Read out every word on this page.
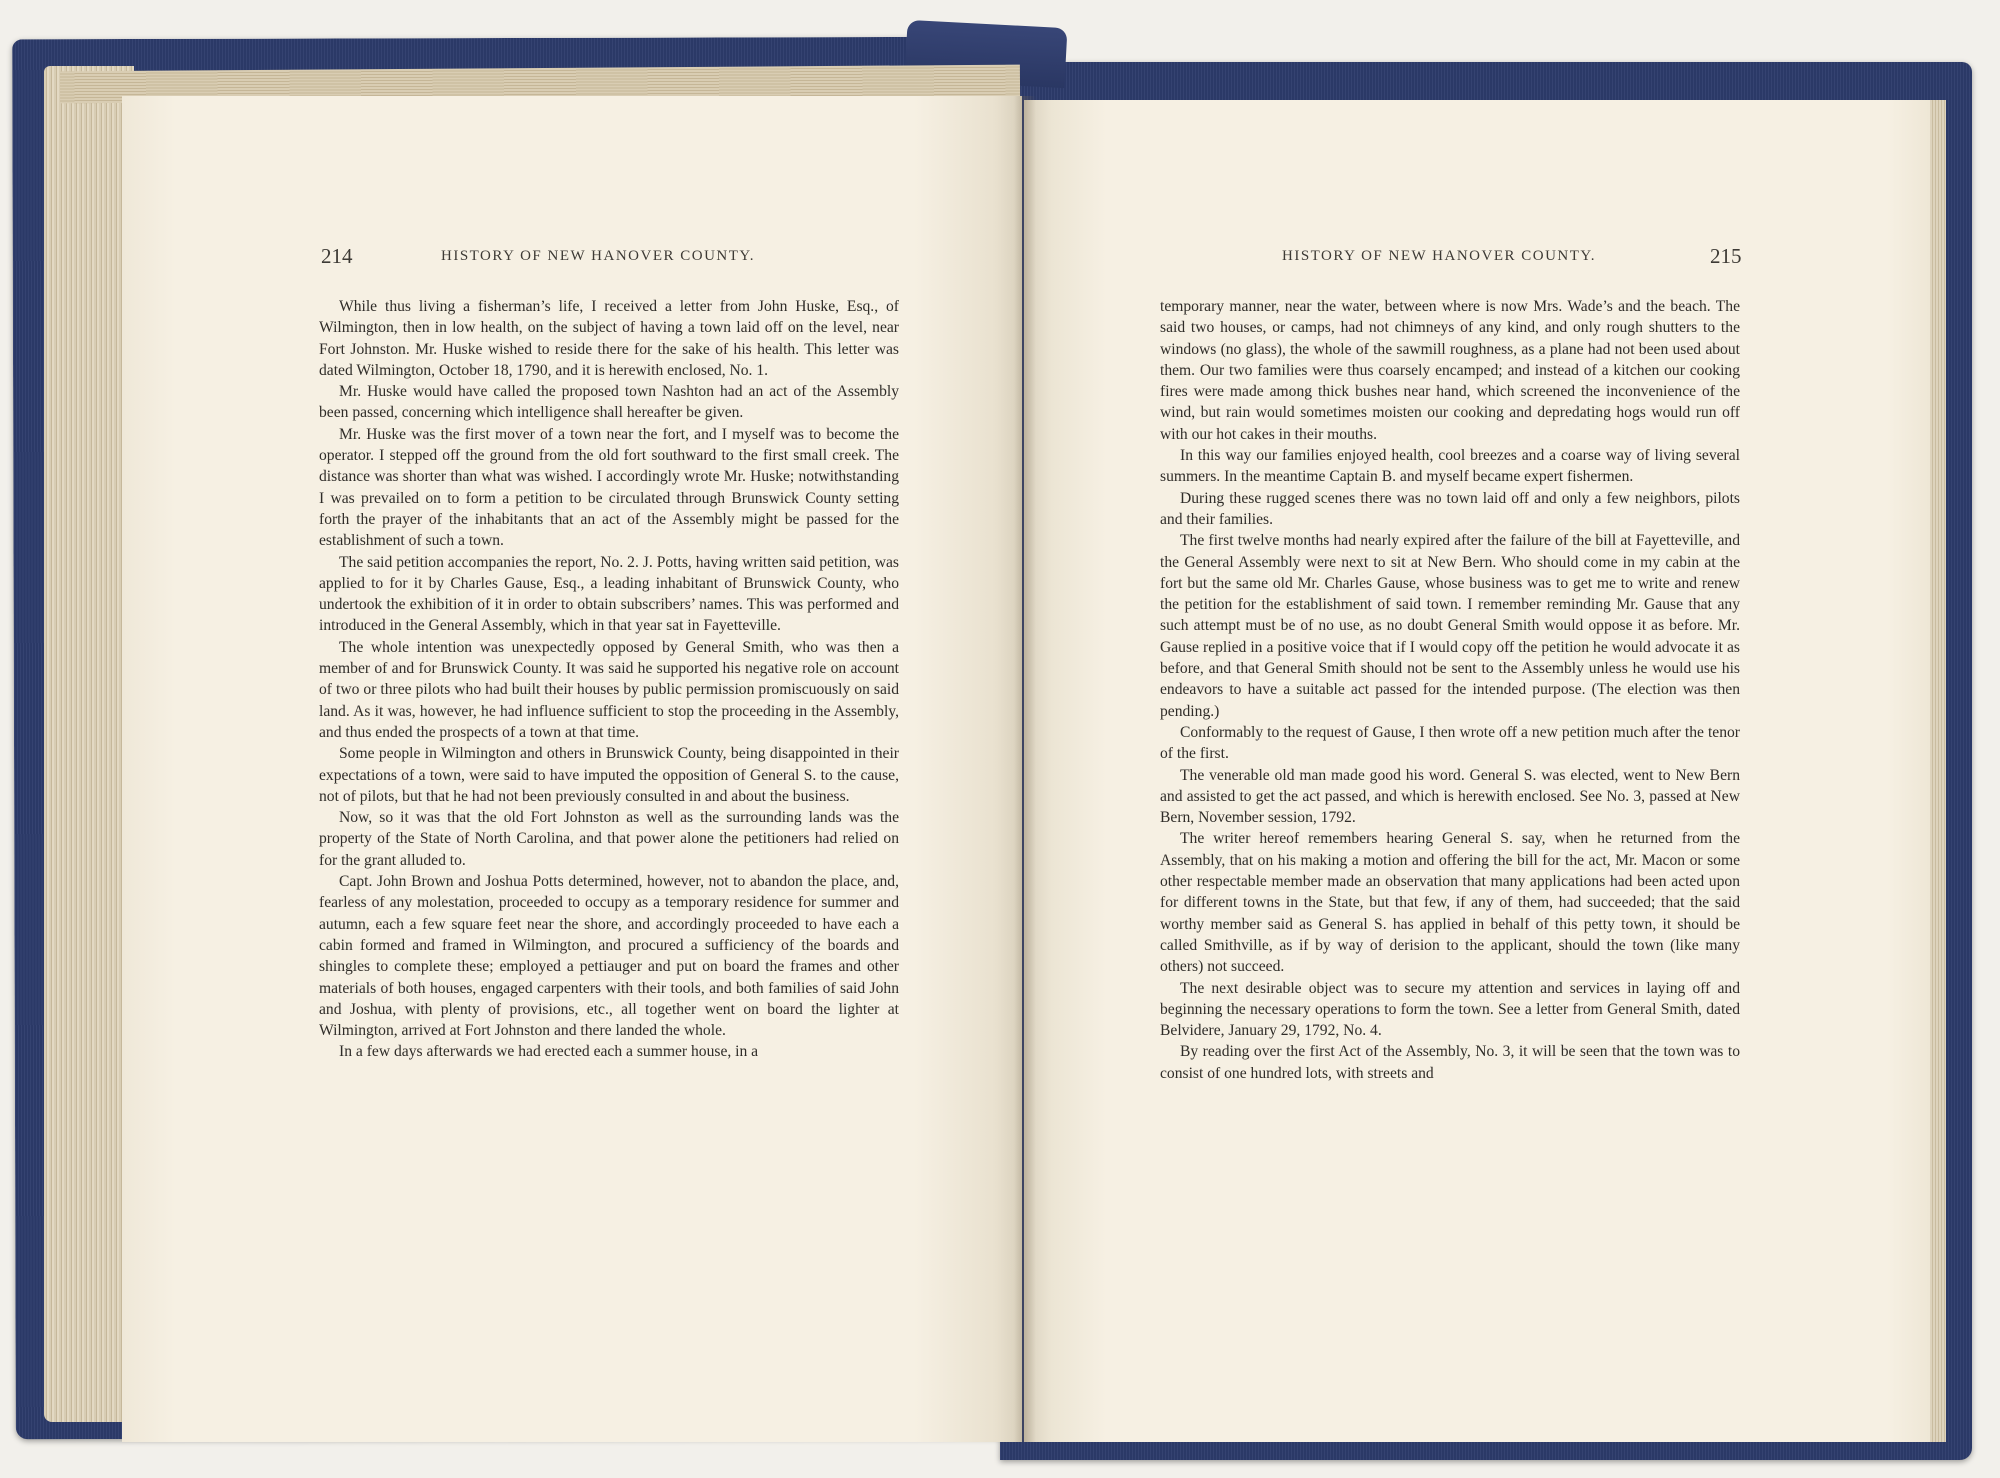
214	HISTORY OF NEW HANOVER COUNTY.	HISTORY OF NEW HANOVER COUNTY.	215

While thus living a fisherman’s life, I received a letter from John Huske, Esq., of Wilmington, then in low health, on the subject of having a town laid off on the level, near Fort Johnston. Mr. Huske wished to reside there for the sake of his health. This letter was dated Wilmington, October 18, 1790, and it is herewith enclosed, No. 1.

Mr. Huske would have called the proposed town Nashton had an act of the Assembly been passed, concerning which intelligence shall hereafter be given.

Mr. Huske was the first mover of a town near the fort, and I myself was to become the operator. I stepped off the ground from the old fort southward to the first small creek. The distance was shorter than what was wished. I accordingly wrote Mr. Huske; notwithstanding I was prevailed on to form a petition to be circulated through Brunswick County setting forth the prayer of the inhabitants that an act of the Assembly might be passed for the establishment of such a town.

The said petition accompanies the report, No. 2. J. Potts, having written said petition, was applied to for it by Charles Gause, Esq., a leading inhabitant of Brunswick County, who undertook the exhibition of it in order to obtain subscribers’ names. This was performed and introduced in the General Assembly, which in that year sat in Fayetteville.

The whole intention was unexpectedly opposed by General Smith, who was then a member of and for Brunswick County. It was said he supported his negative role on account of two or three pilots who had built their houses by public permission promiscuously on said land. As it was, however, he had influence sufficient to stop the proceeding in the Assembly, and thus ended the prospects of a town at that time.

Some people in Wilmington and others in Brunswick County, being disappointed in their expectations of a town, were said to have imputed the opposition of General S. to the cause, not of pilots, but that he had not been previously consulted in and about the business.

Now, so it was that the old Fort Johnston as well as the surrounding lands was the property of the State of North Carolina, and that power alone the petitioners had relied on for the grant alluded to.

Capt. John Brown and Joshua Potts determined, however, not to abandon the place, and, fearless of any molestation, proceeded to occupy as a temporary residence for summer and autumn, each a few square feet near the shore, and accordingly proceeded to have each a cabin formed and framed in Wilmington, and procured a sufficiency of the boards and shingles to complete these; employed a pettiauger and put on board the frames and other materials of both houses, engaged carpenters with their tools, and both families of said John and Joshua, with plenty of provisions, etc., all together went on board the lighter at Wilmington, arrived at Fort Johnston and there landed the whole.

In a few days afterwards we had erected each a summer house, in a

temporary manner, near the water, between where is now Mrs. Wade’s and the beach. The said two houses, or camps, had not chimneys of any kind, and only rough shutters to the windows (no glass), the whole of the sawmill roughness, as a plane had not been used about them. Our two families were thus coarsely encamped; and instead of a kitchen our cooking fires were made among thick bushes near hand, which screened the inconvenience of the wind, but rain would sometimes moisten our cooking and depredating hogs would run off with our hot cakes in their mouths.

In this way our families enjoyed health, cool breezes and a coarse way of living several summers. In the meantime Captain B. and myself became expert fishermen.

During these rugged scenes there was no town laid off and only a few neighbors, pilots and their families.

The first twelve months had nearly expired after the failure of the bill at Fayetteville, and the General Assembly were next to sit at New Bern. Who should come in my cabin at the fort but the same old Mr. Charles Gause, whose business was to get me to write and renew the petition for the establishment of said town. I remember reminding Mr. Gause that any such attempt must be of no use, as no doubt General Smith would oppose it as before. Mr. Gause replied in a positive voice that if I would copy off the petition he would advocate it as before, and that General Smith should not be sent to the Assembly unless he would use his endeavors to have a suitable act passed for the intended purpose. (The election was then pending.)

Conformably to the request of Gause, I then wrote off a new petition much after the tenor of the first.

The venerable old man made good his word. General S. was elected, went to New Bern and assisted to get the act passed, and which is herewith enclosed. See No. 3, passed at New Bern, November session, 1792.

The writer hereof remembers hearing General S. say, when he returned from the Assembly, that on his making a motion and offering the bill for the act, Mr. Macon or some other respectable member made an observation that many applications had been acted upon for different towns in the State, but that few, if any of them, had succeeded; that the said worthy member said as General S. has applied in behalf of this petty town, it should be called Smithville, as if by way of derision to the applicant, should the town (like many others) not succeed.

The next desirable object was to secure my attention and services in laying off and beginning the necessary operations to form the town. See a letter from General Smith, dated Belvidere, January 29, 1792, No. 4.

By reading over the first Act of the Assembly, No. 3, it will be seen that the town was to consist of one hundred lots, with streets and
